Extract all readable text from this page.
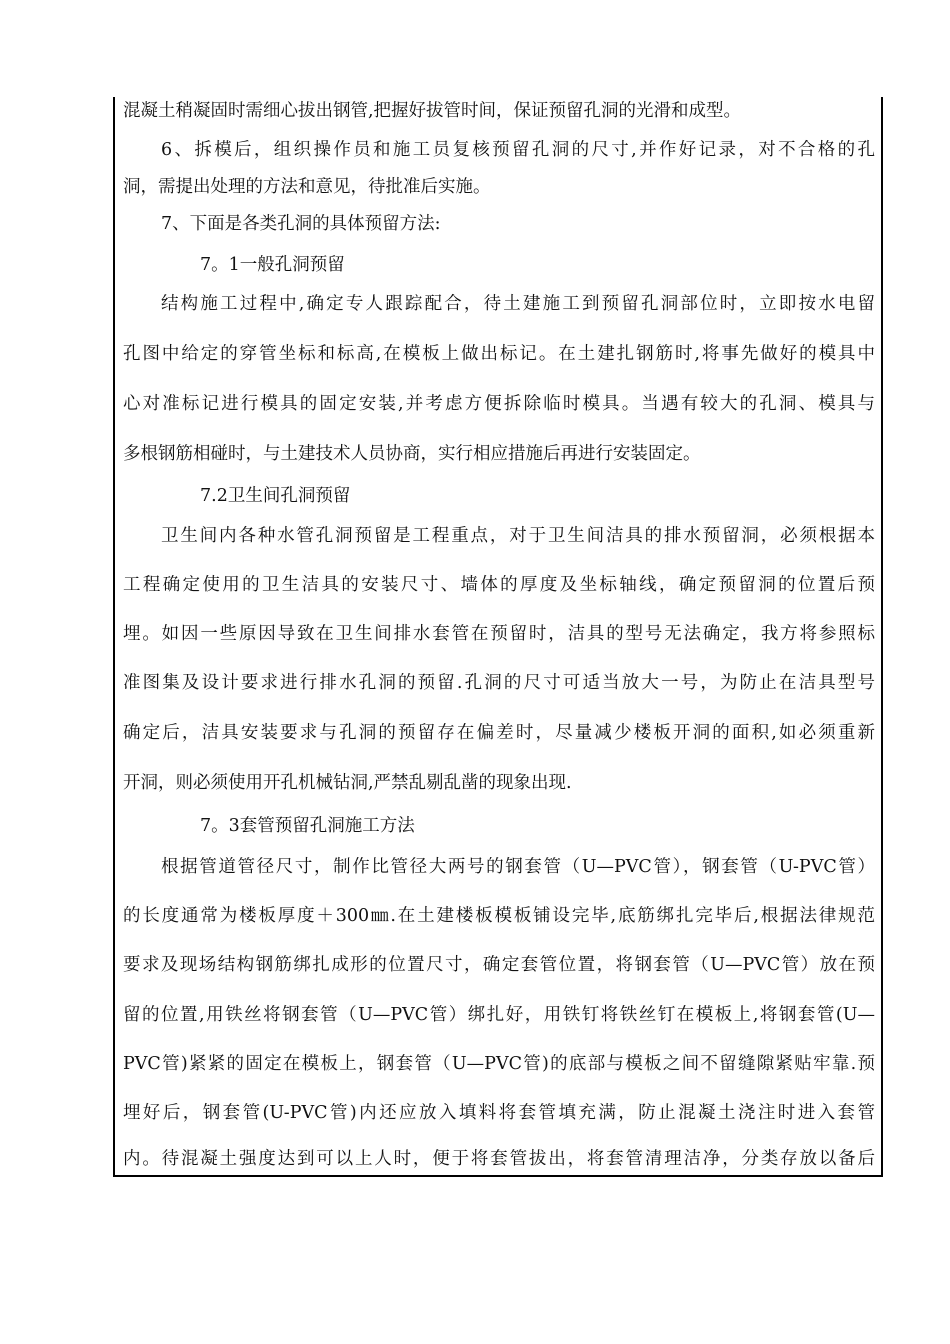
混凝土稍凝固时需细心拔出钢管,把握好拔管时间，保证预留孔洞的光滑和成型。
6、拆模后，组织操作员和施工员复核预留孔洞的尺寸,并作好记录，对不合格的孔
洞，需提出处理的方法和意见，待批准后实施。
7、下面是各类孔洞的具体预留方法:
7。1一般孔洞预留
结构施工过程中,确定专人跟踪配合，待土建施工到预留孔洞部位时，立即按水电留
孔图中给定的穿管坐标和标高,在模板上做出标记。在土建扎钢筋时,将事先做好的模具中
心对准标记进行模具的固定安装,并考虑方便拆除临时模具。当遇有较大的孔洞、模具与
多根钢筋相碰时，与土建技术人员协商，实行相应措施后再进行安装固定。
7.2卫生间孔洞预留
卫生间内各种水管孔洞预留是工程重点，对于卫生间洁具的排水预留洞，必须根据本
工程确定使用的卫生洁具的安装尺寸、墙体的厚度及坐标轴线，确定预留洞的位置后预
埋。如因一些原因导致在卫生间排水套管在预留时，洁具的型号无法确定，我方将参照标
准图集及设计要求进行排水孔洞的预留.孔洞的尺寸可适当放大一号，为防止在洁具型号
确定后，洁具安装要求与孔洞的预留存在偏差时，尽量减少楼板开洞的面积,如必须重新
开洞，则必须使用开孔机械钻洞,严禁乱剔乱凿的现象出现.
7。3套管预留孔洞施工方法
根据管道管径尺寸，制作比管径大两号的钢套管（U—PVC管），钢套管（U-PVC管）
的长度通常为楼板厚度＋300㎜.在土建楼板模板铺设完毕,底筋绑扎完毕后,根据法律规范
要求及现场结构钢筋绑扎成形的位置尺寸，确定套管位置，将钢套管（U—PVC管）放在预
留的位置,用铁丝将钢套管（U—PVC管）绑扎好，用铁钉将铁丝钉在模板上,将钢套管(U—
PVC管)紧紧的固定在模板上，钢套管（U—PVC管)的底部与模板之间不留缝隙紧贴牢靠.预
埋好后，钢套管(U-PVC管)内还应放入填料将套管填充满，防止混凝土浇注时进入套管
内。待混凝土强度达到可以上人时，便于将套管拔出，将套管清理洁净，分类存放以备后
